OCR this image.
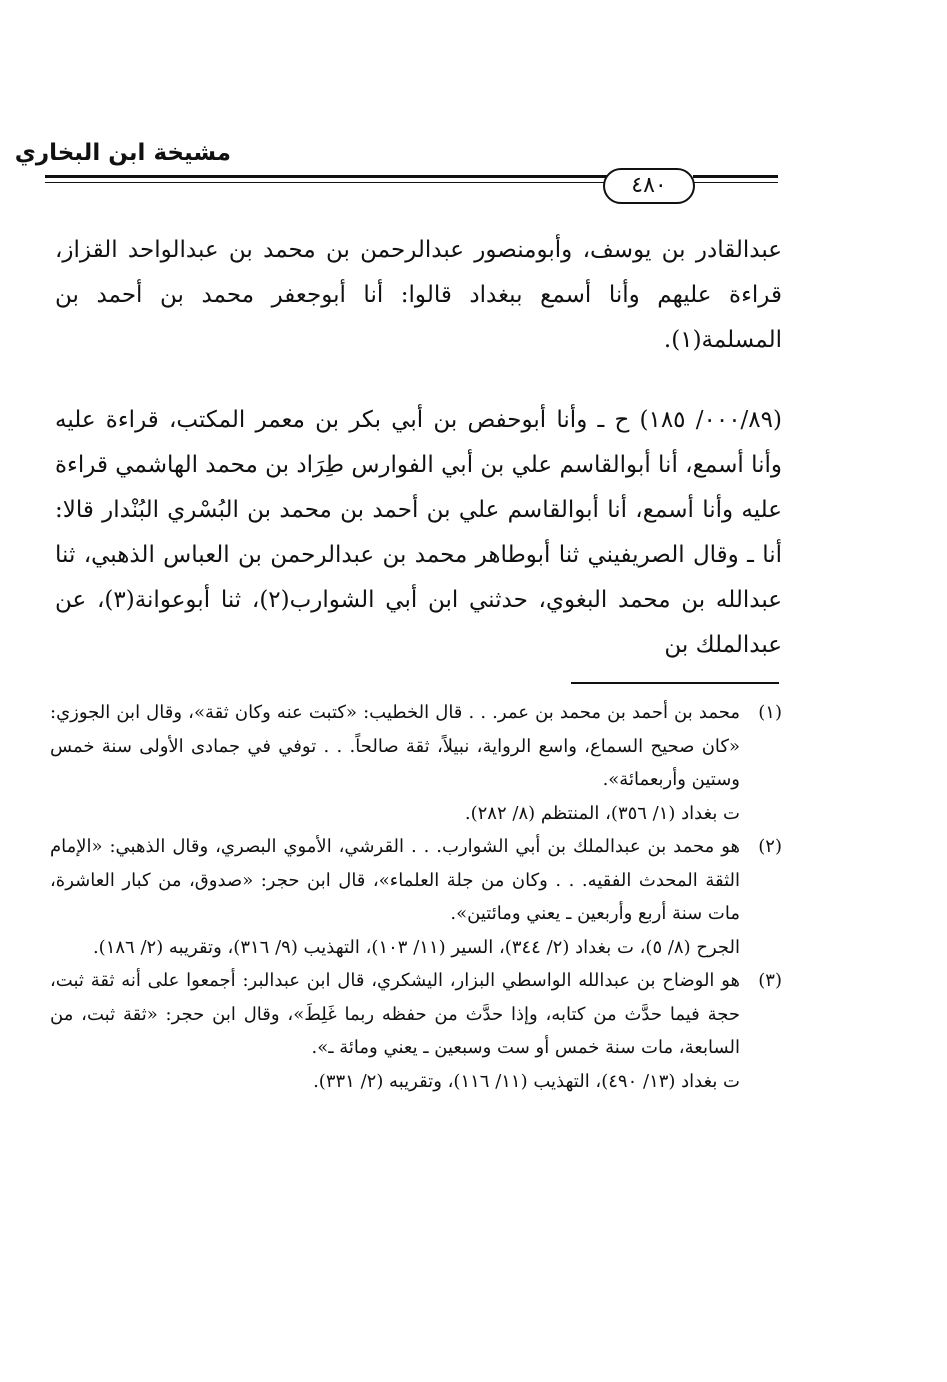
مشيخة ابن البخاري
٤٨٠

عبدالقادر بن يوسف، وأبومنصور عبدالرحمن بن محمد بن عبدالواحد القزاز، قراءة عليهم وأنا أسمع ببغداد قالوا: أنا أبوجعفر محمد بن أحمد بن المسلمة(١).

(٠٠٠/٨٩/ ١٨٥) ح ـ وأنا أبوحفص بن أبي بكر بن معمر المكتب، قراءة عليه وأنا أسمع، أنا أبوالقاسم علي بن أبي الفوارس طِرَاد بن محمد الهاشمي قراءة عليه وأنا أسمع، أنا أبوالقاسم علي بن أحمد بن محمد بن البُسْري البُنْدار قالا: أنا ـ وقال الصريفيني ثنا أبوطاهر محمد بن عبدالرحمن بن العباس الذهبي، ثنا عبدالله بن محمد البغوي، حدثني ابن أبي الشوارب(٢)، ثنا أبوعوانة(٣)، عن عبدالملك بن

(١)
محمد بن أحمد بن محمد بن عمر. . . قال الخطيب: «كتبت عنه وكان ثقة»، وقال ابن الجوزي: «كان صحيح السماع، واسع الرواية، نبيلاً، ثقة صالحاً. . . توفي في جمادى الأولى سنة خمس وستين وأربعمائة».
ت بغداد (١/ ٣٥٦)، المنتظم (٨/ ٢٨٢).
(٢)
هو محمد بن عبدالملك بن أبي الشوارب. . . القرشي، الأموي البصري، وقال الذهبي: «الإمام الثقة المحدث الفقيه. . . وكان من جلة العلماء»، قال ابن حجر: «صدوق، من كبار العاشرة، مات سنة أربع وأربعين ـ يعني ومائتين».
الجرح (٨/ ٥)، ت بغداد (٢/ ٣٤٤)، السير (١١/ ١٠٣)، التهذيب (٩/ ٣١٦)، وتقريبه (٢/ ١٨٦).
(٣)
هو الوضاح بن عبدالله الواسطي البزار، اليشكري، قال ابن عبدالبر: أجمعوا على أنه ثقة ثبت، حجة فيما حدَّث من كتابه، وإذا حدَّث من حفظه ربما غَلِطَ»، وقال ابن حجر: «ثقة ثبت، من السابعة، مات سنة خمس أو ست وسبعين ـ يعني ومائة ـ».
ت بغداد (١٣/ ٤٩٠)، التهذيب (١١/ ١١٦)، وتقريبه (٢/ ٣٣١).
